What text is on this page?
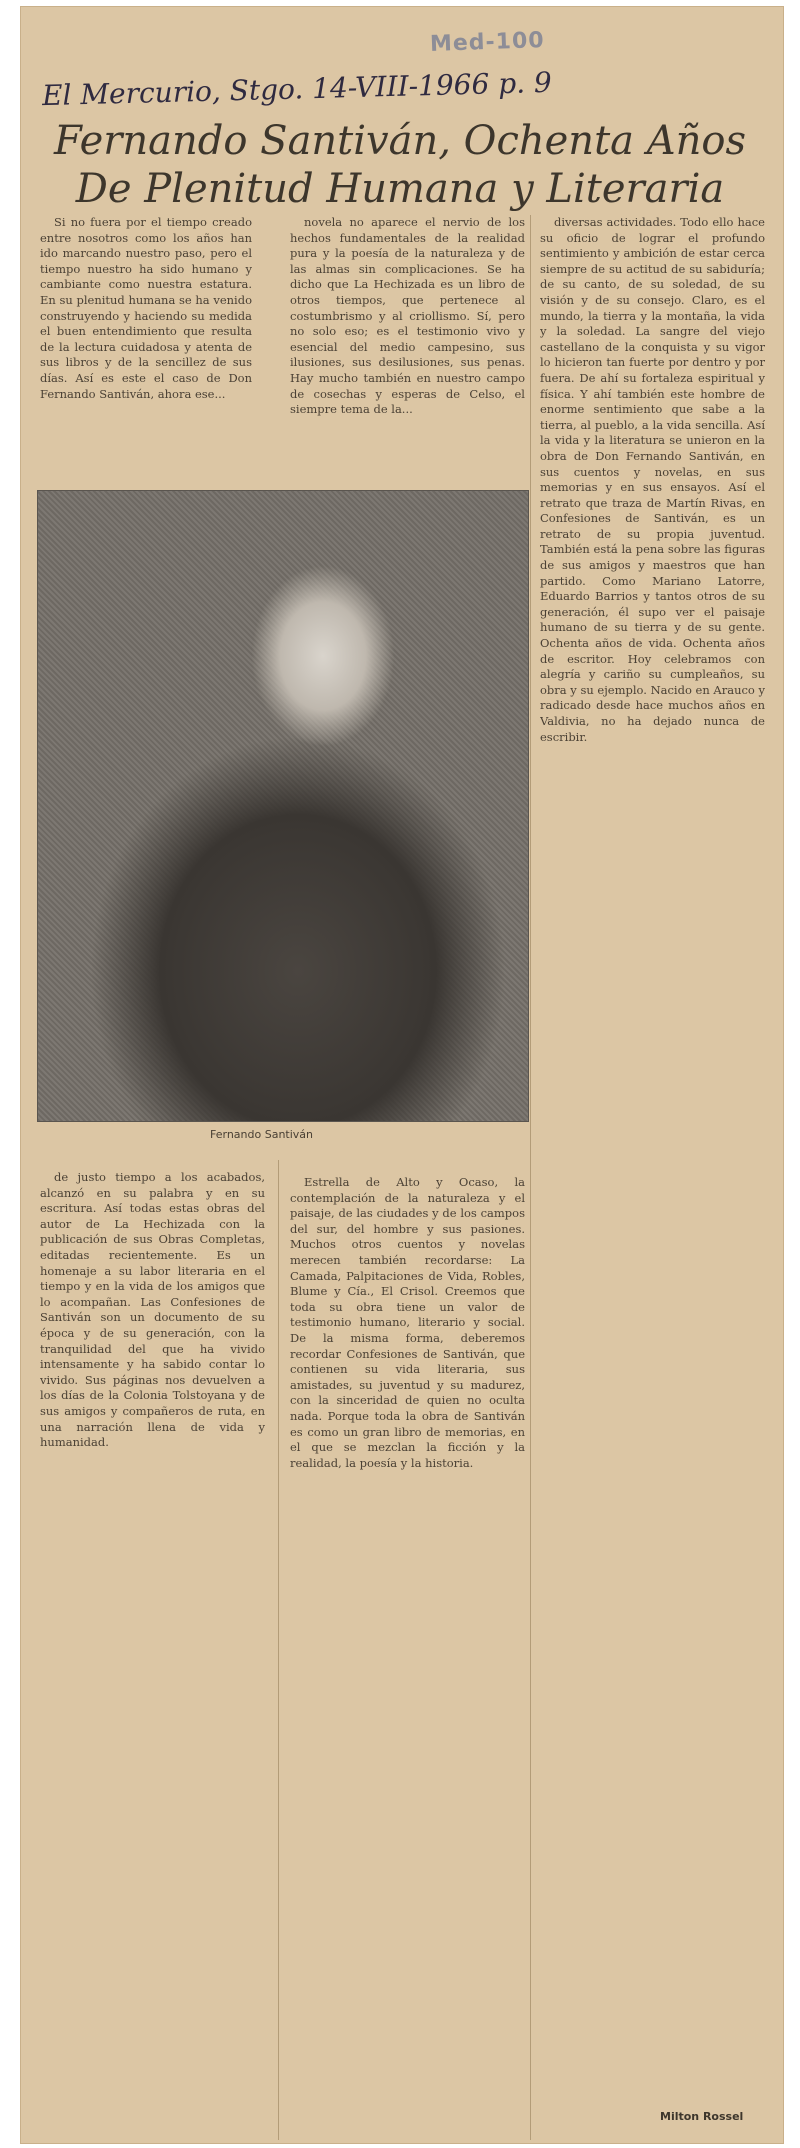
Med-100
El Mercurio, Stgo. 14-VIII-1966 p. 9
Fernando Santiván, Ochenta Años
De Plenitud Humana y Literaria

Si no fuera por el tiempo creado entre nosotros como los años han ido marcando nuestro paso, pero el tiempo nuestro ha sido humano y cambiante como nuestra estatura. En su plenitud humana se ha venido construyendo y haciendo su medida el buen entendimiento que resulta de la lectura cuidadosa y atenta de sus libros y de la sencillez de sus días. Así es este el caso de Don Fernando Santiván, ahora ese...

novela no aparece el nervio de los hechos fundamentales de la realidad pura y la poesía de la naturaleza y de las almas sin complicaciones. Se ha dicho que La Hechizada es un libro de otros tiempos, que pertenece al costumbrismo y al criollismo. Sí, pero no solo eso; es el testimonio vivo y esencial del medio campesino, sus ilusiones, sus desilusiones, sus penas. Hay mucho también en nuestro campo de cosechas y esperas de Celso, el siempre tema de la...

diversas actividades. Todo ello hace su oficio de lograr el profundo sentimiento y ambición de estar cerca siempre de su actitud de su sabiduría; de su canto, de su soledad, de su visión y de su consejo. Claro, es el mundo, la tierra y la montaña, la vida y la soledad. La sangre del viejo castellano de la conquista y su vigor lo hicieron tan fuerte por dentro y por fuera. De ahí su fortaleza espiritual y física. Y ahí también este hombre de enorme sentimiento que sabe a la tierra, al pueblo, a la vida sencilla. Así la vida y la literatura se unieron en la obra de Don Fernando Santiván, en sus cuentos y novelas, en sus memorias y en sus ensayos. Así el retrato que traza de Martín Rivas, en Confesiones de Santiván, es un retrato de su propia juventud. También está la pena sobre las figuras de sus amigos y maestros que han partido. Como Mariano Latorre, Eduardo Barrios y tantos otros de su generación, él supo ver el paisaje humano de su tierra y de su gente. Ochenta años de vida. Ochenta años de escritor. Hoy celebramos con alegría y cariño su cumpleaños, su obra y su ejemplo. Nacido en Arauco y radicado desde hace muchos años en Valdivia, no ha dejado nunca de escribir.

Fernando Santiván

de justo tiempo a los acabados, alcanzó en su palabra y en su escritura. Así todas estas obras del autor de La Hechizada con la publicación de sus Obras Completas, editadas recientemente. Es un homenaje a su labor literaria en el tiempo y en la vida de los amigos que lo acompañan. Las Confesiones de Santiván son un documento de su época y de su generación, con la tranquilidad del que ha vivido intensamente y ha sabido contar lo vivido. Sus páginas nos devuelven a los días de la Colonia Tolstoyana y de sus amigos y compañeros de ruta, en una narración llena de vida y humanidad.

Estrella de Alto y Ocaso, la contemplación de la naturaleza y el paisaje, de las ciudades y de los campos del sur, del hombre y sus pasiones. Muchos otros cuentos y novelas merecen también recordarse: La Camada, Palpitaciones de Vida, Robles, Blume y Cía., El Crisol. Creemos que toda su obra tiene un valor de testimonio humano, literario y social. De la misma forma, deberemos recordar Confesiones de Santiván, que contienen su vida literaria, sus amistades, su juventud y su madurez, con la sinceridad de quien no oculta nada. Porque toda la obra de Santiván es como un gran libro de memorias, en el que se mezclan la ficción y la realidad, la poesía y la historia.

Milton Rossel
